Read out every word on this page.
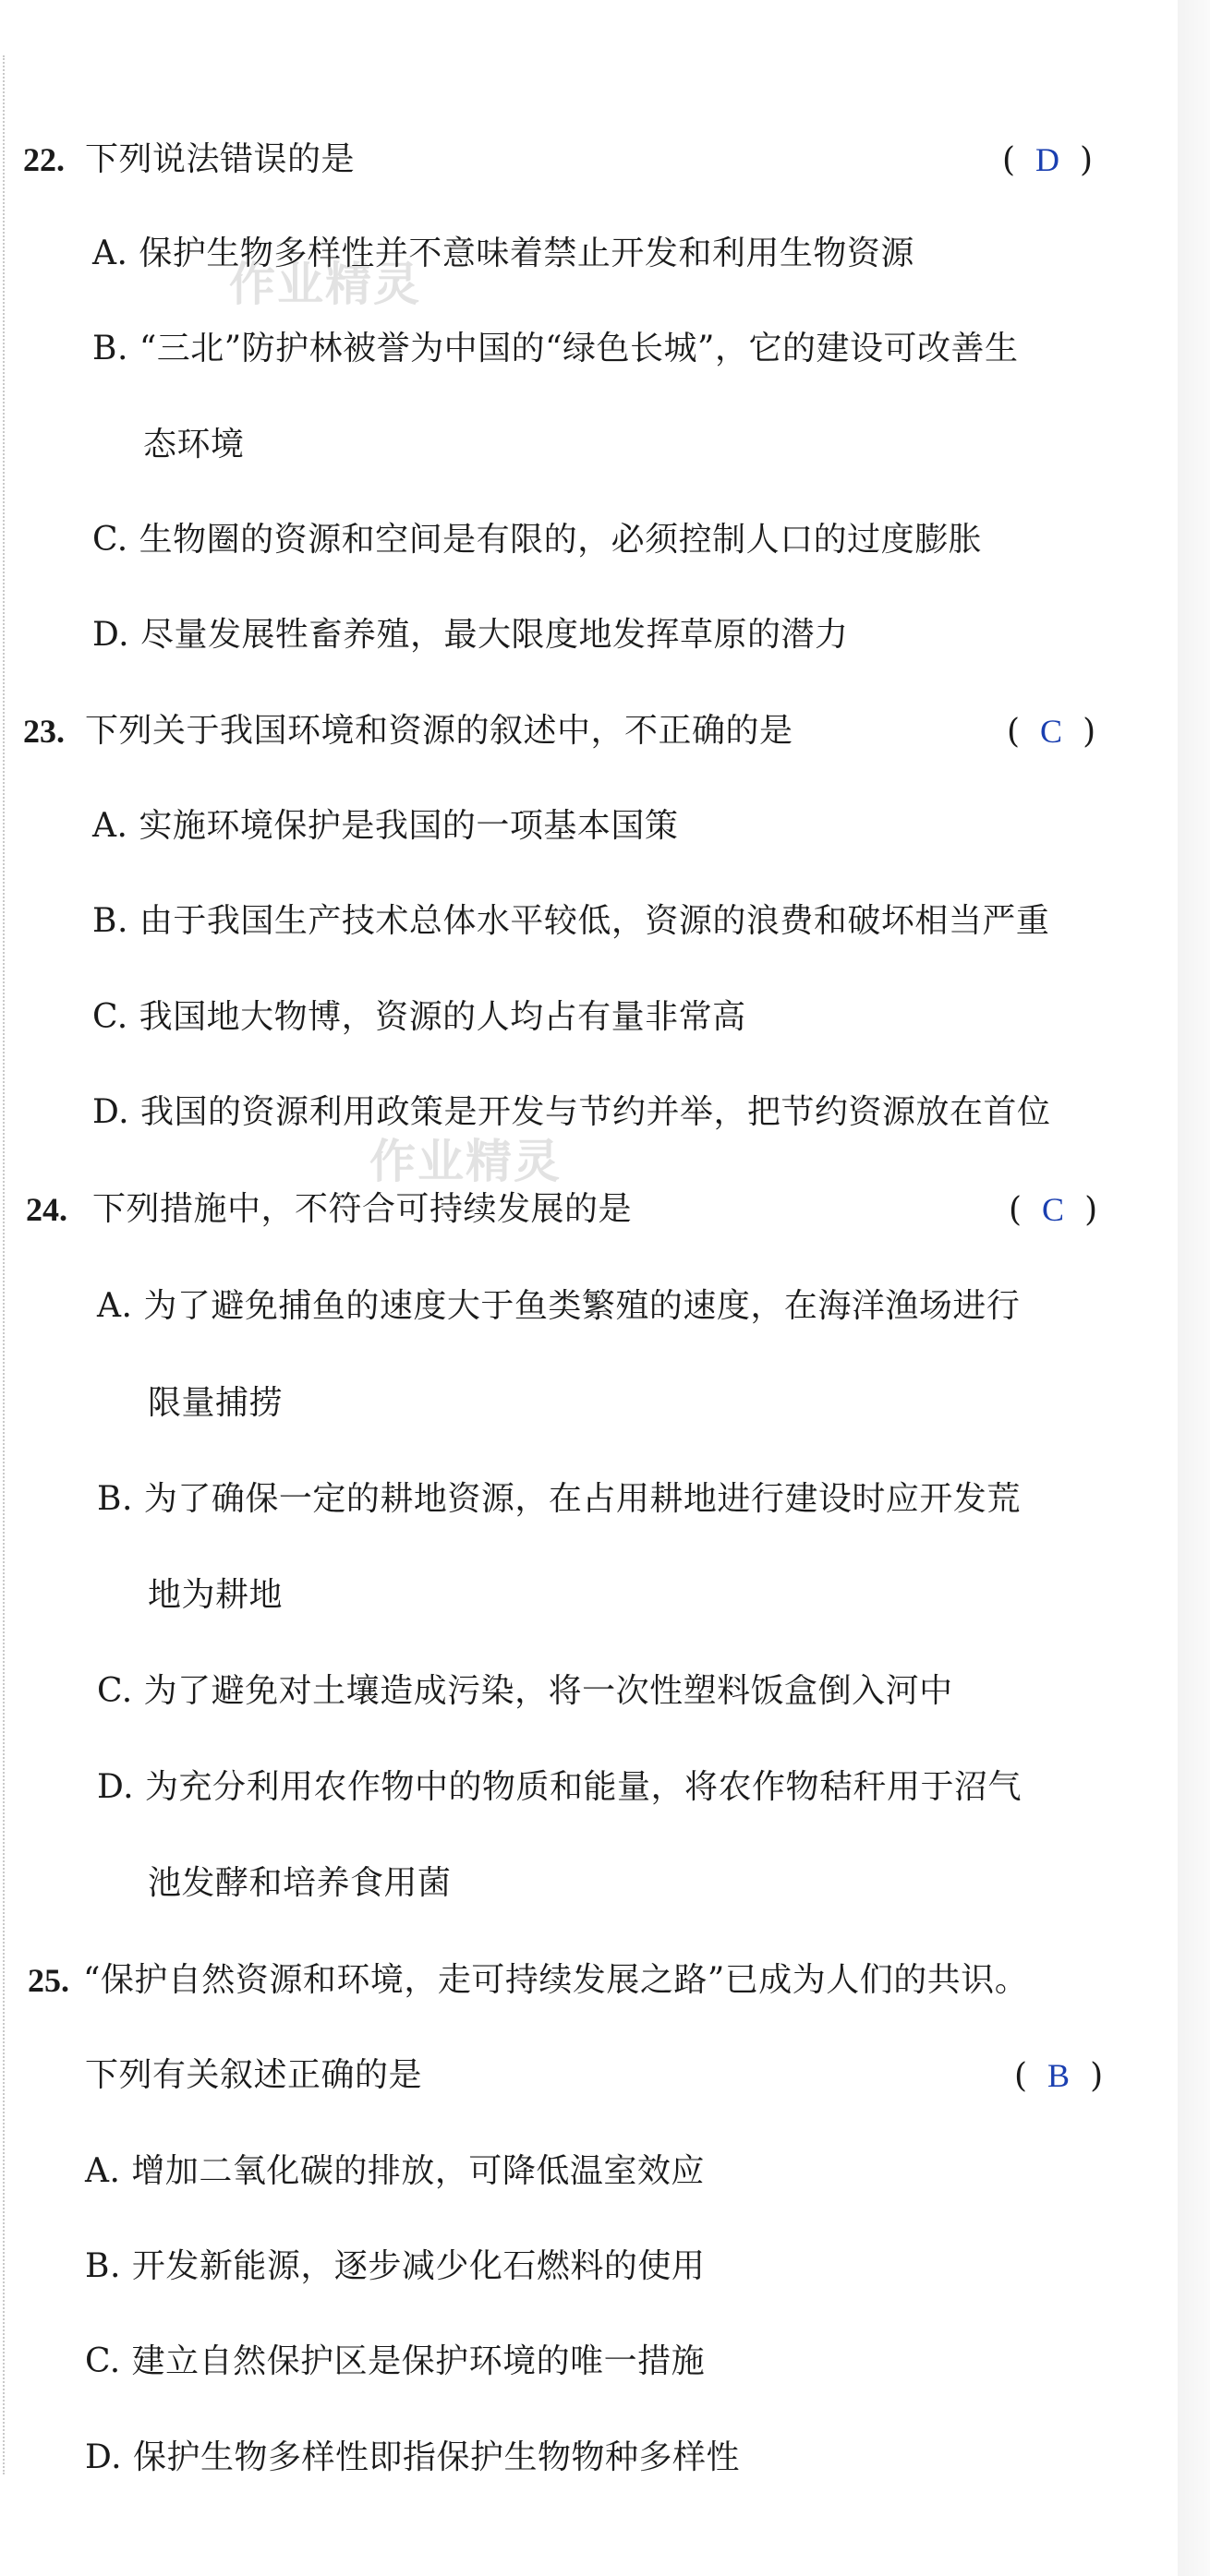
作业精灵
作业精灵
22. 下列说法错误的是	( D )
A. 保护生物多样性并不意味着禁止开发和利用生物资源
B. “三北”防护林被誉为中国的“绿色长城”，它的建设可改善生
态环境
C. 生物圈的资源和空间是有限的，必须控制人口的过度膨胀
D. 尽量发展牲畜养殖，最大限度地发挥草原的潜力
23. 下列关于我国环境和资源的叙述中，不正确的是	( C )
A. 实施环境保护是我国的一项基本国策
B. 由于我国生产技术总体水平较低，资源的浪费和破坏相当严重
C. 我国地大物博，资源的人均占有量非常高
D. 我国的资源利用政策是开发与节约并举，把节约资源放在首位
24. 下列措施中，不符合可持续发展的是	( C )
A. 为了避免捕鱼的速度大于鱼类繁殖的速度，在海洋渔场进行
限量捕捞
B. 为了确保一定的耕地资源，在占用耕地进行建设时应开发荒
地为耕地
C. 为了避免对土壤造成污染，将一次性塑料饭盒倒入河中
D. 为充分利用农作物中的物质和能量，将农作物秸秆用于沼气
池发酵和培养食用菌
25. “保护自然资源和环境，走可持续发展之路”已成为人们的共识。
下列有关叙述正确的是	( B )
A. 增加二氧化碳的排放，可降低温室效应
B. 开发新能源，逐步减少化石燃料的使用
C. 建立自然保护区是保护环境的唯一措施
D. 保护生物多样性即指保护生物物种多样性
